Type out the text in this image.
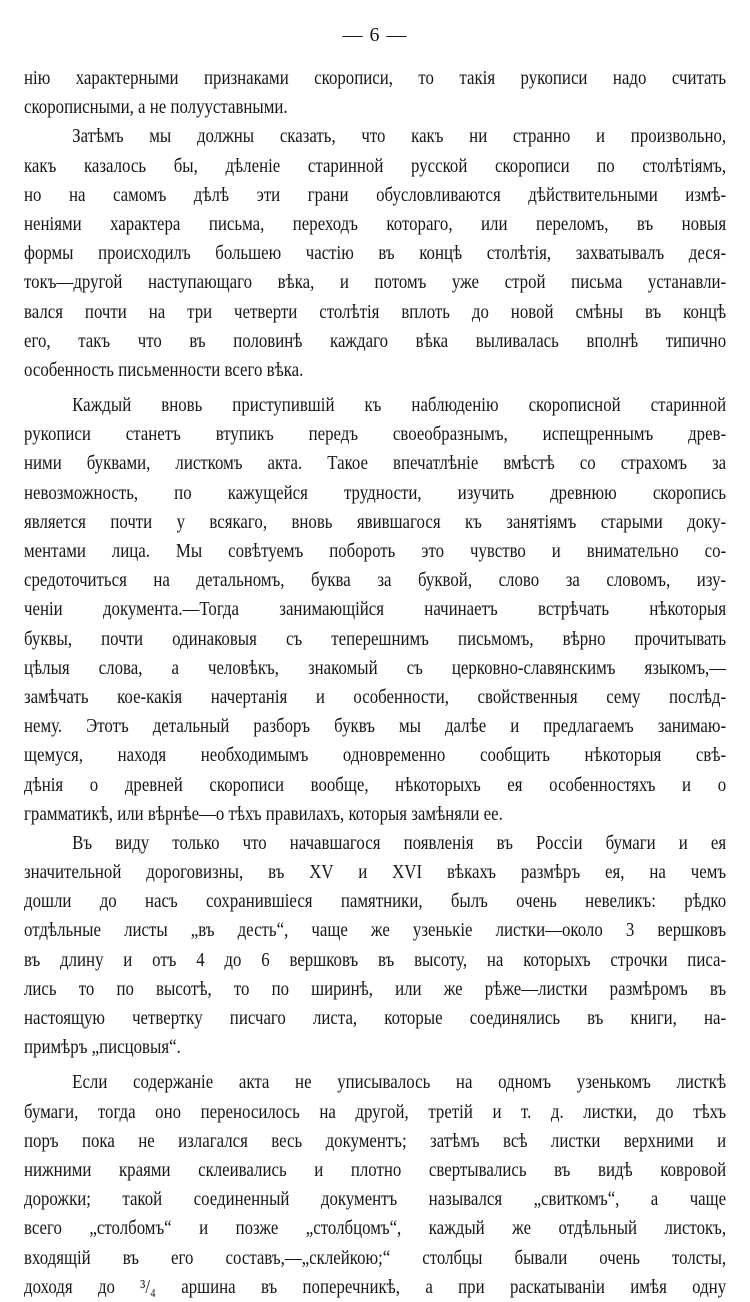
— 6 —
нiю характерными признаками скорописи, то такiя рукописи надо считать
скорописными, а не полууставными.
Затѣмъ мы должны сказать, что какъ ни странно и произвольно,
какъ казалось бы, дѣленiе старинной русской скорописи по столѣтiямъ,
но на самомъ дѣлѣ эти грани обусловливаются дѣйствительными измѣ-
ненiями характера письма, переходъ котораго, или переломъ, въ новыя
формы происходилъ большею частiю въ концѣ столѣтiя, захватывалъ деся-
токъ—другой наступающаго вѣка, и потомъ уже строй письма устанавли-
вался почти на три четверти столѣтiя вплоть до новой смѣны въ концѣ
его, такъ что въ половинѣ каждаго вѣка выливалась вполнѣ типично
особенность письменности всего вѣка.
Каждый вновь приступившiй къ наблюденiю скорописной старинной
рукописи станетъ втупикъ передъ своеобразнымъ, испещреннымъ древ-
ними буквами, листкомъ акта. Такое впечатлѣнiе вмѣстѣ со страхомъ за
невозможность, по кажущейся трудности, изучить древнюю скоропись
является почти у всякаго, вновь явившагося къ занятiямъ старыми доку-
ментами лица. Мы совѣтуемъ побороть это чувство и внимательно со-
средоточиться на детальномъ, буква за буквой, слово за словомъ, изу-
ченiи документа.—Тогда занимающiйся начинаетъ встрѣчать нѣкоторыя
буквы, почти одинаковыя съ теперешнимъ письмомъ, вѣрно прочитывать
цѣлыя слова, а человѣкъ, знакомый съ церковно-славянскимъ языкомъ,—
замѣчать кое-какiя начертанiя и особенности, свойственныя сему послѣд-
нему. Этотъ детальный разборъ буквъ мы далѣе и предлагаемъ занимаю-
щемуся, находя необходимымъ одновременно сообщить нѣкоторыя свѣ-
дѣнiя о древней скорописи вообще, нѣкоторыхъ ея особенностяхъ и о
грамматикѣ, или вѣрнѣе—о тѣхъ правилахъ, которыя замѣняли ее.
Въ виду только что начавшагося появленiя въ Россiи бумаги и ея
значительной дороговизны, въ XV и XVI вѣкахъ размѣръ ея, на чемъ
дошли до насъ сохранившiеся памятники, былъ очень невеликъ: рѣдко
отдѣльные листы „въ десть“, чаще же узенькiе листки—около 3 вершковъ
въ длину и отъ 4 до 6 вершковъ въ высоту, на которыхъ строчки писа-
лись то по высотѣ, то по ширинѣ, или же рѣже—листки размѣромъ въ
настоящую четвертку писчаго листа, которые соединялись въ книги, на-
примѣръ „писцовыя“.
Если содержанiе акта не уписывалось на одномъ узенькомъ листкѣ
бумаги, тогда оно переносилось на другой, третiй и т. д. листки, до тѣхъ
поръ пока не излагался весь документъ; затѣмъ всѣ листки верхними и
нижними краями склеивались и плотно свертывались въ видѣ ковровой
дорожки; такой соединенный документъ назывался „свиткомъ“, а чаще
всего „столбомъ“ и позже „столбцомъ“, каждый же отдѣльный листокъ,
входящiй въ его составъ,—„склейкою;“ столбцы бывали очень толсты,
доходя до ³/₄ аршина въ поперечникѣ, а при раскатыванiи имѣя одну
